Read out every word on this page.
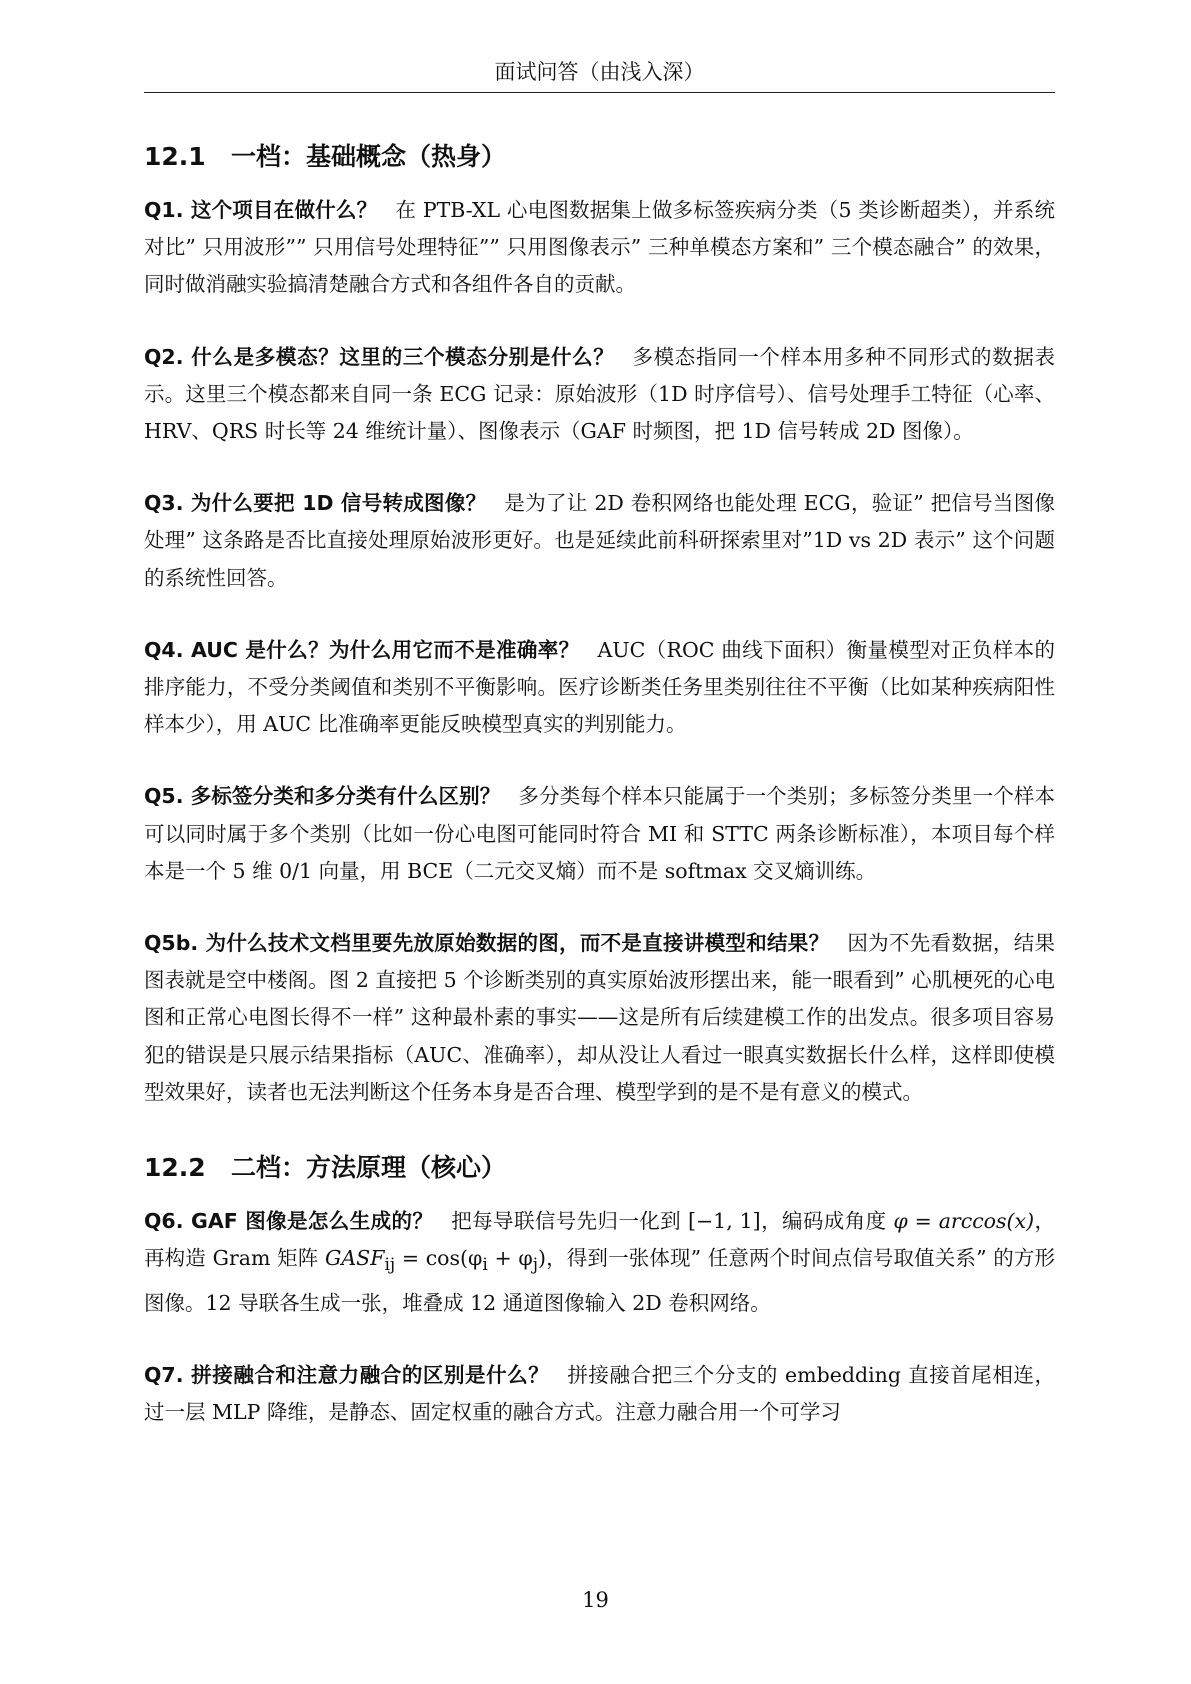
面试问答（由浅入深）
12.1 一档：基础概念（热身）

Q1. 这个项目在做什么？ 在 PTB-XL 心电图数据集上做多标签疾病分类（5 类诊断超类），并系统对比” 只用波形”” 只用信号处理特征”” 只用图像表示” 三种单模态方案和” 三个模态融合” 的效果，同时做消融实验搞清楚融合方式和各组件各自的贡献。

Q2. 什么是多模态？这里的三个模态分别是什么？ 多模态指同一个样本用多种不同形式的数据表示。这里三个模态都来自同一条 ECG 记录：原始波形（1D 时序信号）、信号处理手工特征（心率、HRV、QRS 时长等 24 维统计量）、图像表示（GAF 时频图，把 1D 信号转成 2D 图像）。

Q3. 为什么要把 1D 信号转成图像？ 是为了让 2D 卷积网络也能处理 ECG，验证” 把信号当图像处理” 这条路是否比直接处理原始波形更好。也是延续此前科研探索里对”1D vs 2D 表示” 这个问题的系统性回答。

Q4. AUC 是什么？为什么用它而不是准确率？ AUC（ROC 曲线下面积）衡量模型对正负样本的排序能力，不受分类阈值和类别不平衡影响。医疗诊断类任务里类别往往不平衡（比如某种疾病阳性样本少），用 AUC 比准确率更能反映模型真实的判别能力。

Q5. 多标签分类和多分类有什么区别？ 多分类每个样本只能属于一个类别；多标签分类里一个样本可以同时属于多个类别（比如一份心电图可能同时符合 MI 和 STTC 两条诊断标准），本项目每个样本是一个 5 维 0/1 向量，用 BCE（二元交叉熵）而不是 softmax 交叉熵训练。

Q5b. 为什么技术文档里要先放原始数据的图，而不是直接讲模型和结果？ 因为不先看数据，结果图表就是空中楼阁。图 2 直接把 5 个诊断类别的真实原始波形摆出来，能一眼看到” 心肌梗死的心电图和正常心电图长得不一样” 这种最朴素的事实——这是所有后续建模工作的出发点。很多项目容易犯的错误是只展示结果指标（AUC、准确率），却从没让人看过一眼真实数据长什么样，这样即使模型效果好，读者也无法判断这个任务本身是否合理、模型学到的是不是有意义的模式。

12.2 二档：方法原理（核心）

Q6. GAF 图像是怎么生成的？ 把每导联信号先归一化到 [−1, 1]，编码成角度 φ = arccos(x)，再构造 Gram 矩阵 $GASF_{ij} = \cos(\varphi_i + \varphi_j)$，得到一张体现” 任意两个时间点信号取值关系” 的方形图像。12 导联各生成一张，堆叠成 12 通道图像输入 2D 卷积网络。

Q7. 拼接融合和注意力融合的区别是什么？ 拼接融合把三个分支的 embedding 直接首尾相连，过一层 MLP 降维，是静态、固定权重的融合方式。注意力融合用一个可学习

19
